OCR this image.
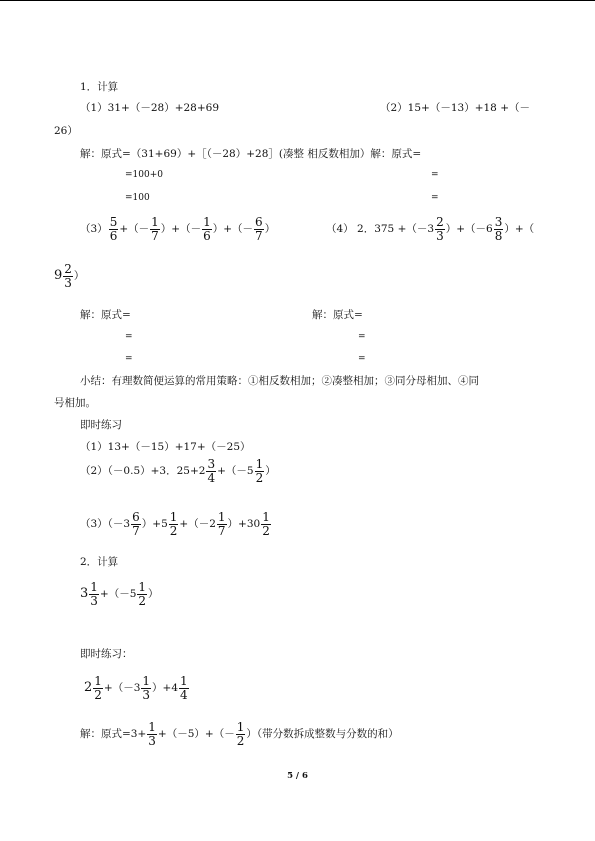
1．计算
（1）31+（－28）+28+69	（2）15+（－13）+18 +（－
26）
解：原式=（31+69）+［（－28）+28］(凑整 相反数相加）解：原式=
=100+0	=
=100	=
$(3) \frac{5}{6}$ +（－ $\frac{1}{7}$ ）+（－ $\frac{1}{6}$ ）+（－ $\frac{6}{7}$ ）	（4） 2．$375 +(-3 \frac{2}{3} )+(-6 \frac{3}{8}$ ）+（
$9 \frac{2}{3}$ ）
解：原式=	解：原式=
=	=
=	=
小结：有理数简便运算的常用策略：①相反数相加；②凑整相加；③同分母相加、④同
号相加。
即时练习
（1）13+（－15）+17+（－25）
（2）（－0.5）+3．$25+2 \frac{3}{4} +(-5 \frac{1}{2}$ ）
$(3)(-3 \frac{6}{7} )+5 \frac{1}{2} +(-2 \frac{1}{7} )+30 \frac{1}{2}$
2．计算
$3 \frac{1}{3} +(-5 \frac{1}{2}$ ）
即时练习：
$2 \frac{1}{2} +(-3 \frac{1}{3} )+4 \frac{1}{4}$
解：原式$=3+ \frac{1}{3} +(-5)+(- \frac{1}{2}$ ）（带分数拆成整数与分数的和）
5 / 6
